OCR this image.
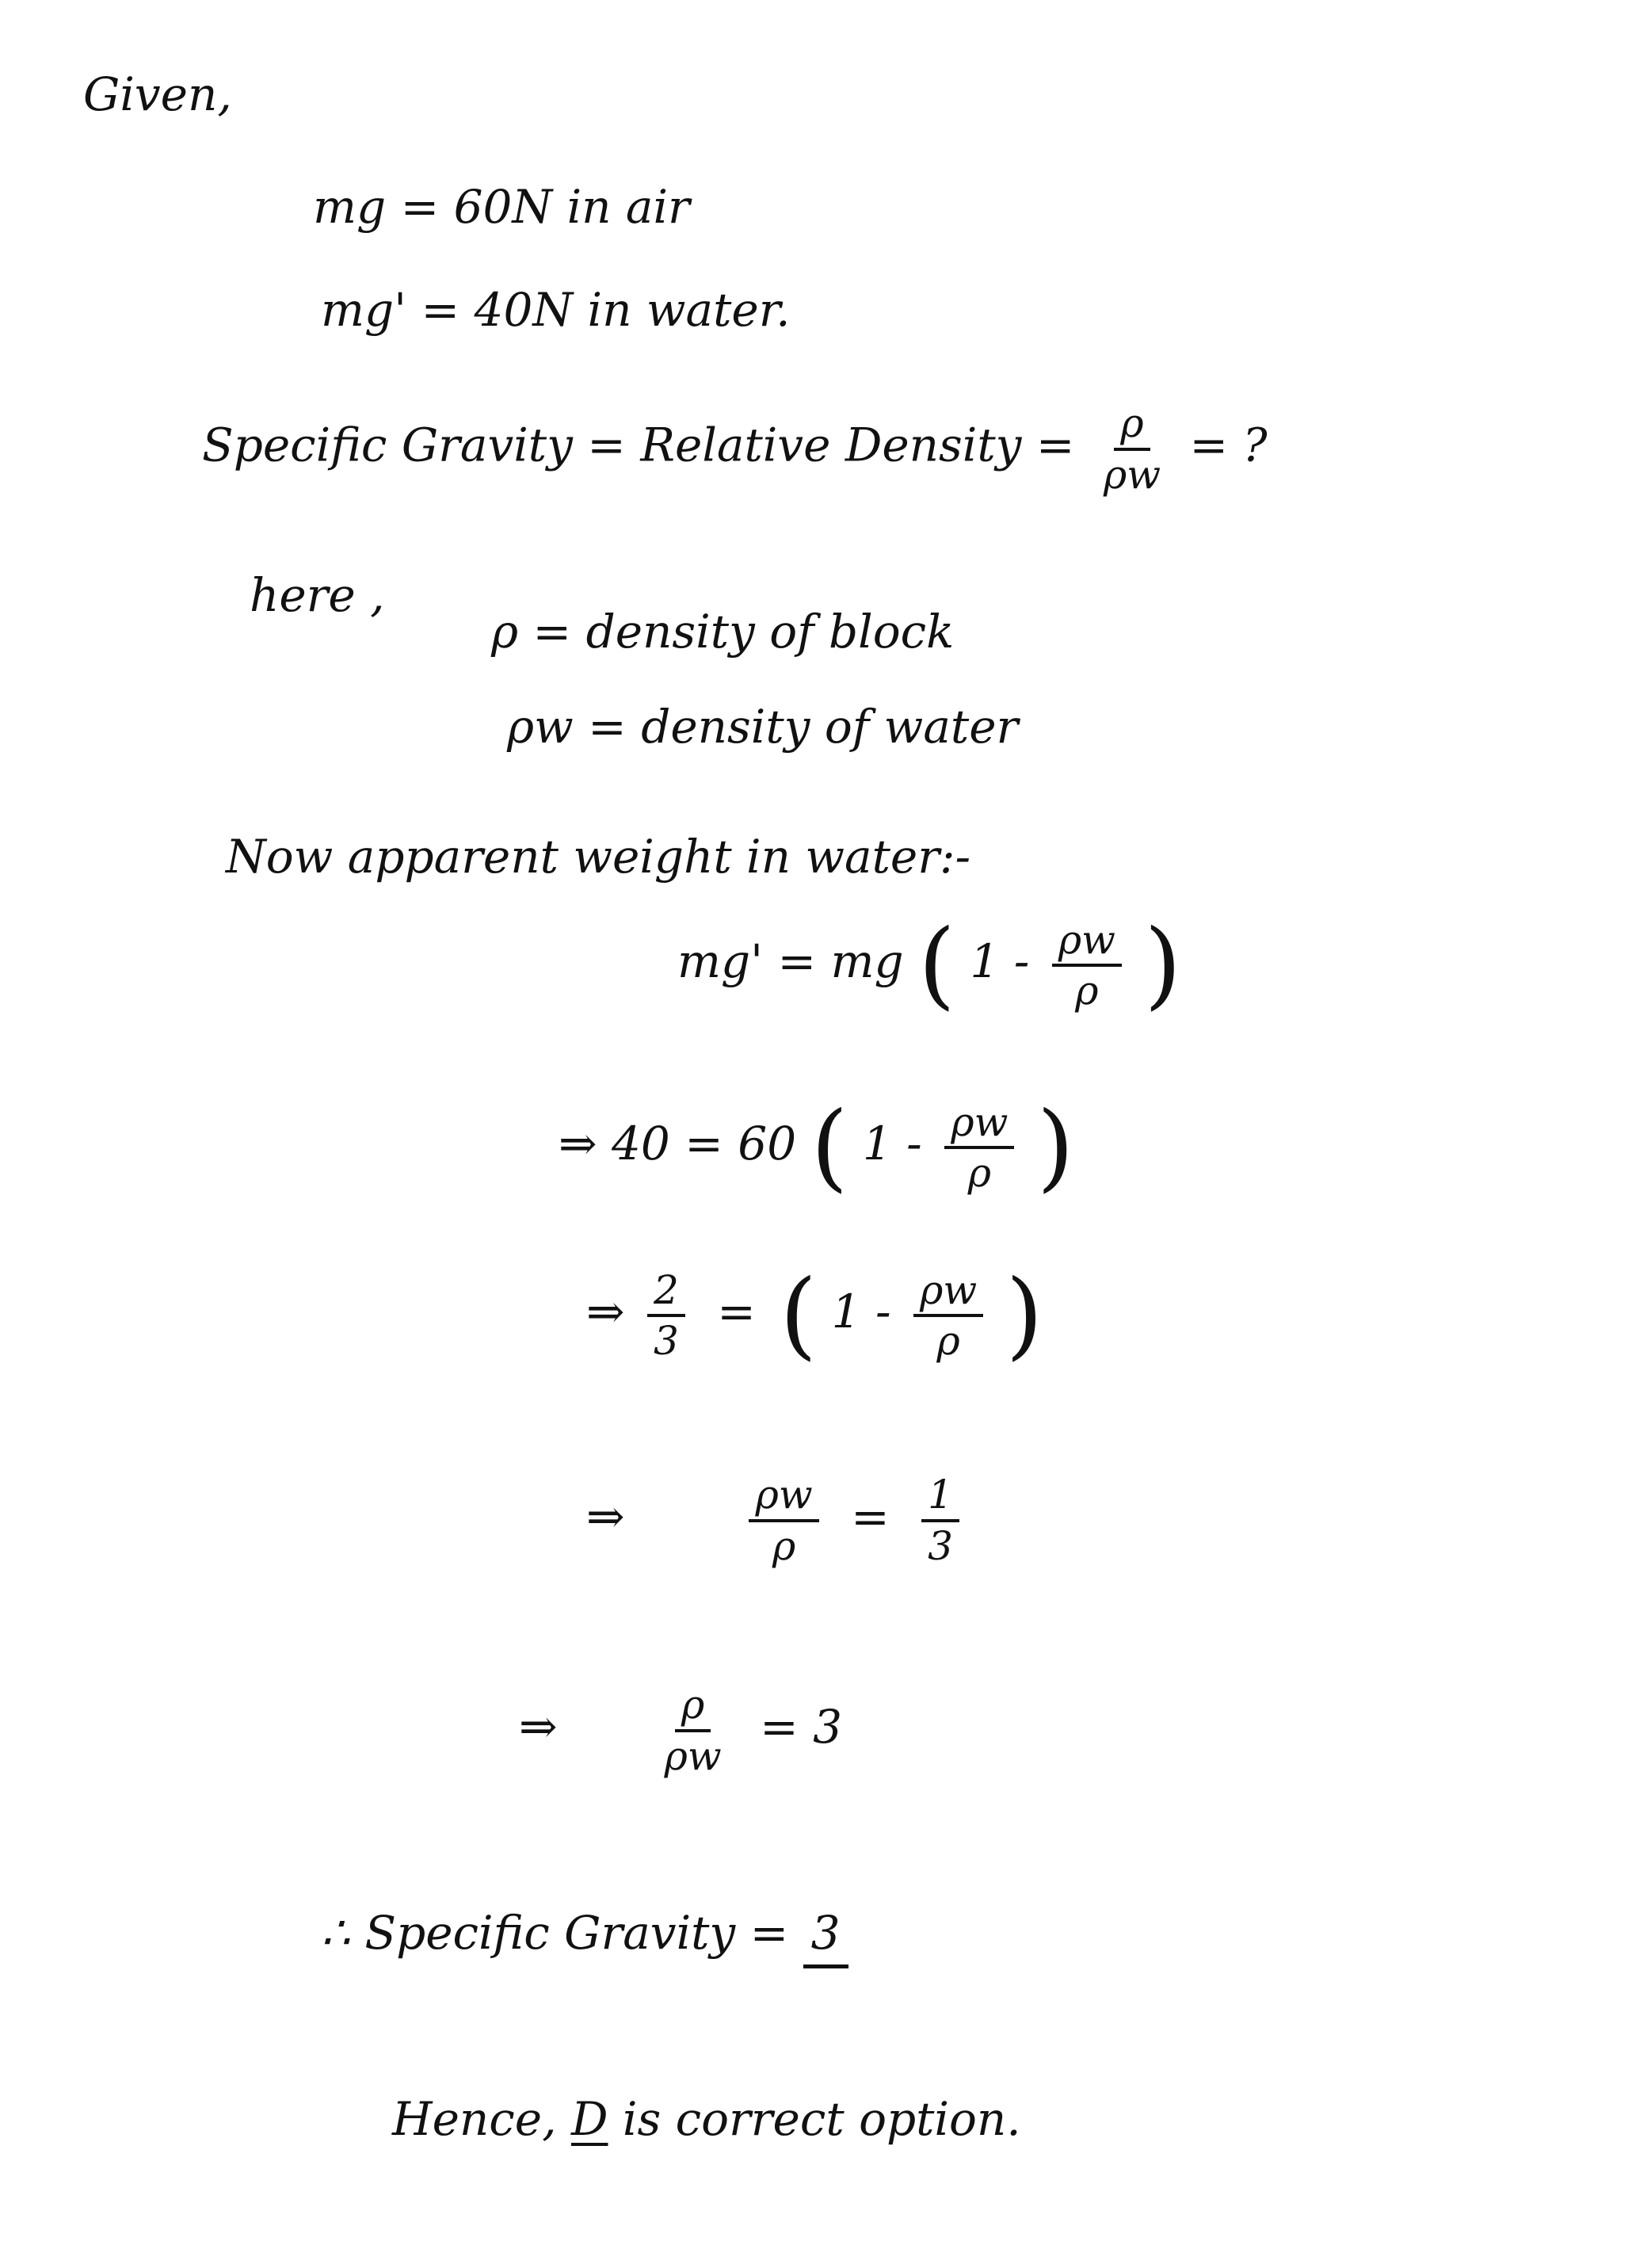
Given,
mg = 60N in air
mg' = 40N in water.
Specific Gravity = Relative Density = $\frac{\rho}{\rho w}$ = ?
here ,
ρ = density of block
ρw = density of water
Now apparent weight in water:-
mg' = mg ( $1 - \frac{\rho w}{\rho}$ )
⇒ 40 = 60 ( $1 - \frac{\rho w}{\rho}$ )
⇒ $\frac{2}{3}$ = ( $1 - \frac{\rho w}{\rho}$ )
⇒	$\frac{\rho w}{\rho} = \frac{1}{3}$
⇒	$\frac{\rho}{\rho w} = 3$
∴ Specific Gravity = 3
Hence, D is correct option.
